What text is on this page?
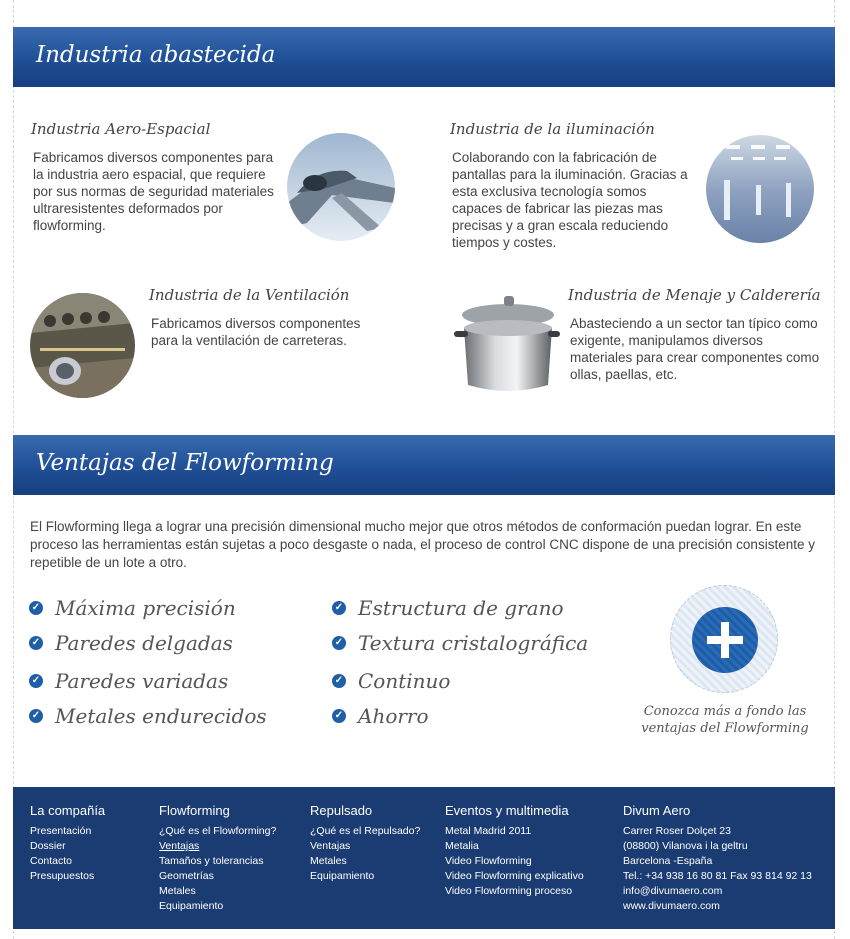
Industria abastecida
Industria Aero-Espacial
Fabricamos diversos componentes para la industria aero espacial, que requiere por sus normas de seguridad materiales ultraresistentes deformados por flowforming.
Industria de la iluminación
Colaborando con la fabricación de pantallas para la iluminación. Gracias a esta exclusiva tecnología somos capaces de fabricar las piezas mas precisas y a gran escala reduciendo tiempos y costes.
Industria de la Ventilación
Fabricamos diversos componentes para la ventilación de carreteras.
Industria de Menaje y Calderería
Abasteciendo a un sector tan típico como exigente, manipulamos diversos materiales para crear componentes como ollas, paellas, etc.
Ventajas del Flowforming
El Flowforming llega a lograr una precisión dimensional mucho mejor que otros métodos de conformación puedan lograr. En este proceso las herramientas están sujetas a poco desgaste o nada, el proceso de control CNC dispone de una precisión consistente y repetible de un lote a otro.
✓ Máxima precisión
✓ Paredes delgadas
✓ Paredes variadas
✓ Metales endurecidos
✓ Estructura de grano
✓ Textura cristalográfica
✓ Continuo
✓ Ahorro	Conozca más a fondo las ventajas del Flowforming
La compañía
Presentación
Dossier
Contacto
Presupuestos
Flowforming
¿Qué es el Flowforming?
Ventajas
Tamaños y tolerancias
Geometrías
Metales
Equipamiento
Repulsado
¿Qué es el Repulsado?
Ventajas
Metales
Equipamiento
Eventos y multimedia
Metal Madrid 2011
Metalia
Video Flowforming
Video Flowforming explicativo
Video Flowforming proceso
Divum Aero
Carrer Roser Dolçet 23
(08800) Vilanova i la geltru
Barcelona -España
Tel.: +34 938 16 80 81 Fax 93 814 92 13
info@divumaero.com
www.divumaero.com
